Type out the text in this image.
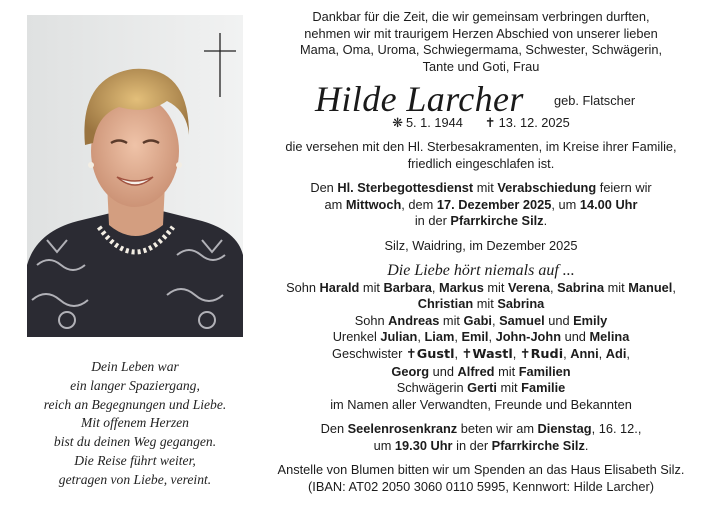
Dein Leben war
ein langer Spaziergang,
reich an Begegnungen und Liebe.
Mit offenem Herzen
bist du deinen Weg gegangen.
Die Reise führt weiter,
getragen von Liebe, vereint.
Dankbar für die Zeit, die wir gemeinsam verbringen durften,
nehmen wir mit traurigem Herzen Abschied von unserer lieben
Mama, Oma, Uroma, Schwiegermama, Schwester, Schwägerin,
Tante und Goti, Frau
Hilde Larcher geb. Flatscher
❋ 5. 1. 1944 ✝ 13. 12. 2025
die versehen mit den Hl. Sterbesakramenten, im Kreise ihrer Familie,
friedlich eingeschlafen ist.
Den Hl. Sterbegottesdienst mit Verabschiedung feiern wir
am Mittwoch, dem 17. Dezember 2025, um 14.00 Uhr
in der Pfarrkirche Silz.
Silz, Waidring, im Dezember 2025
Die Liebe hört niemals auf ...
Sohn Harald mit Barbara, Markus mit Verena, Sabrina mit Manuel,
Christian mit Sabrina
Sohn Andreas mit Gabi, Samuel und Emily
Urenkel Julian, Liam, Emil, John-John und Melina
Geschwister ✝Gustl, ✝Wastl, ✝Rudi, Anni, Adi,
Georg und Alfred mit Familien
Schwägerin Gerti mit Familie
im Namen aller Verwandten, Freunde und Bekannten
Den Seelenrosenkranz beten wir am Dienstag, 16. 12.,
um 19.30 Uhr in der Pfarrkirche Silz.
Anstelle von Blumen bitten wir um Spenden an das Haus Elisabeth Silz.
(IBAN: AT02 2050 3060 0110 5995, Kennwort: Hilde Larcher)
